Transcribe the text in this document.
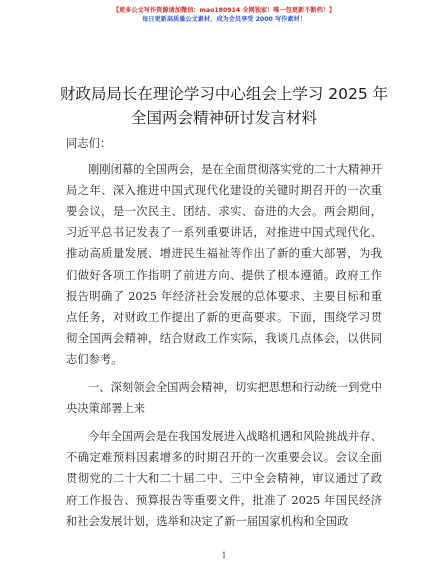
【更多公文写作资源请加微信：mao180914 全网独家！唯一包更新不断档！】
每日更新高质量公文素材，成为会员享受 2000 写作素材！
财政局局长在理论学习中心组会上学习 2025 年
全国两会精神研讨发言材料

同志们：

刚刚闭幕的全国两会，是在全面贯彻落实党的二十大精神开局之年、深入推进中国式现代化建设的关键时期召开的一次重要会议，是一次民主、团结、求实、奋进的大会。两会期间，习近平总书记发表了一系列重要讲话，对推进中国式现代化、推动高质量发展、增进民生福祉等作出了新的重大部署，为我们做好各项工作指明了前进方向、提供了根本遵循。政府工作报告明确了 2025 年经济社会发展的总体要求、主要目标和重点任务，对财政工作提出了新的更高要求。下面，围绕学习贯彻全国两会精神，结合财政工作实际，我谈几点体会，以供同志们参考。

一、深刻领会全国两会精神，切实把思想和行动统一到党中央决策部署上来

今年全国两会是在我国发展进入战略机遇和风险挑战并存、不确定难预料因素增多的时期召开的一次重要会议。会议全面贯彻党的二十大和二十届二中、三中全会精神，审议通过了政府工作报告、预算报告等重要文件，批准了 2025 年国民经济和社会发展计划，选举和决定了新一届国家机构和全国政

1
